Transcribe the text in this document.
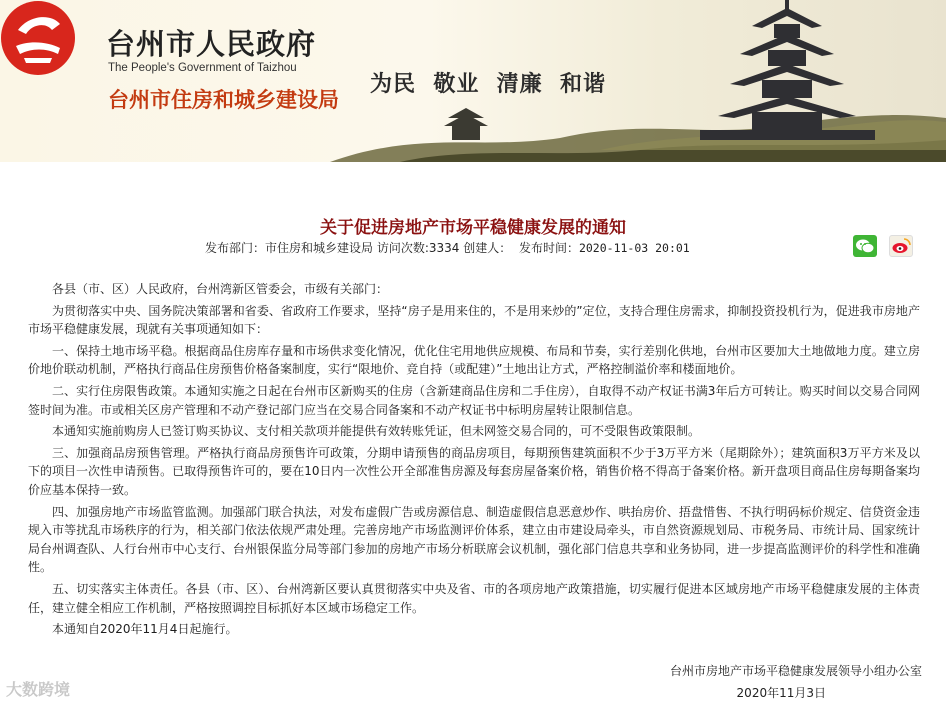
台州市人民政府
The People's Government of Taizhou
台州市住房和城乡建设局
为民  敬业  清廉  和谐
关于促进房地产市场平稳健康发展的通知
发布部门：市住房和城乡建设局 访问次数:3334 创建人： 发布时间：2020-11-03 20:01

各县（市、区）人民政府，台州湾新区管委会，市级有关部门：

为贯彻落实中央、国务院决策部署和省委、省政府工作要求，坚持“房子是用来住的，不是用来炒的”定位，支持合理住房需求，抑制投资投机行为，促进我市房地产市场平稳健康发展，现就有关事项通知如下：

一、保持土地市场平稳。根据商品住房库存量和市场供求变化情况，优化住宅用地供应规模、布局和节奏，实行差别化供地，台州市区要加大土地做地力度。建立房价地价联动机制，严格执行商品住房预售价格备案制度，实行“限地价、竞自持（或配建）”土地出让方式，严格控制溢价率和楼面地价。

二、实行住房限售政策。本通知实施之日起在台州市区新购买的住房（含新建商品住房和二手住房），自取得不动产权证书满3年后方可转让。购买时间以交易合同网签时间为准。市或相关区房产管理和不动产登记部门应当在交易合同备案和不动产权证书中标明房屋转让限制信息。

本通知实施前购房人已签订购买协议、支付相关款项并能提供有效转账凭证，但未网签交易合同的，可不受限售政策限制。

三、加强商品房预售管理。严格执行商品房预售许可政策，分期申请预售的商品房项目，每期预售建筑面积不少于3万平方米（尾期除外）；建筑面积3万平方米及以下的项目一次性申请预售。已取得预售许可的，要在10日内一次性公开全部准售房源及每套房屋备案价格，销售价格不得高于备案价格。新开盘项目商品住房每期备案均价应基本保持一致。

四、加强房地产市场监管监测。加强部门联合执法，对发布虚假广告或房源信息、制造虚假信息恶意炒作、哄抬房价、捂盘惜售、不执行明码标价规定、信贷资金违规入市等扰乱市场秩序的行为，相关部门依法依规严肃处理。完善房地产市场监测评价体系，建立由市建设局牵头，市自然资源规划局、市税务局、市统计局、国家统计局台州调查队、人行台州市中心支行、台州银保监分局等部门参加的房地产市场分析联席会议机制，强化部门信息共享和业务协同，进一步提高监测评价的科学性和准确性。

五、切实落实主体责任。各县（市、区）、台州湾新区要认真贯彻落实中央及省、市的各项房地产政策措施，切实履行促进本区域房地产市场平稳健康发展的主体责任，建立健全相应工作机制，严格按照调控目标抓好本区域市场稳定工作。

本通知自2020年11月4日起施行。

台州市房地产市场平稳健康发展领导小组办公室
2020年11月3日
大数跨境
